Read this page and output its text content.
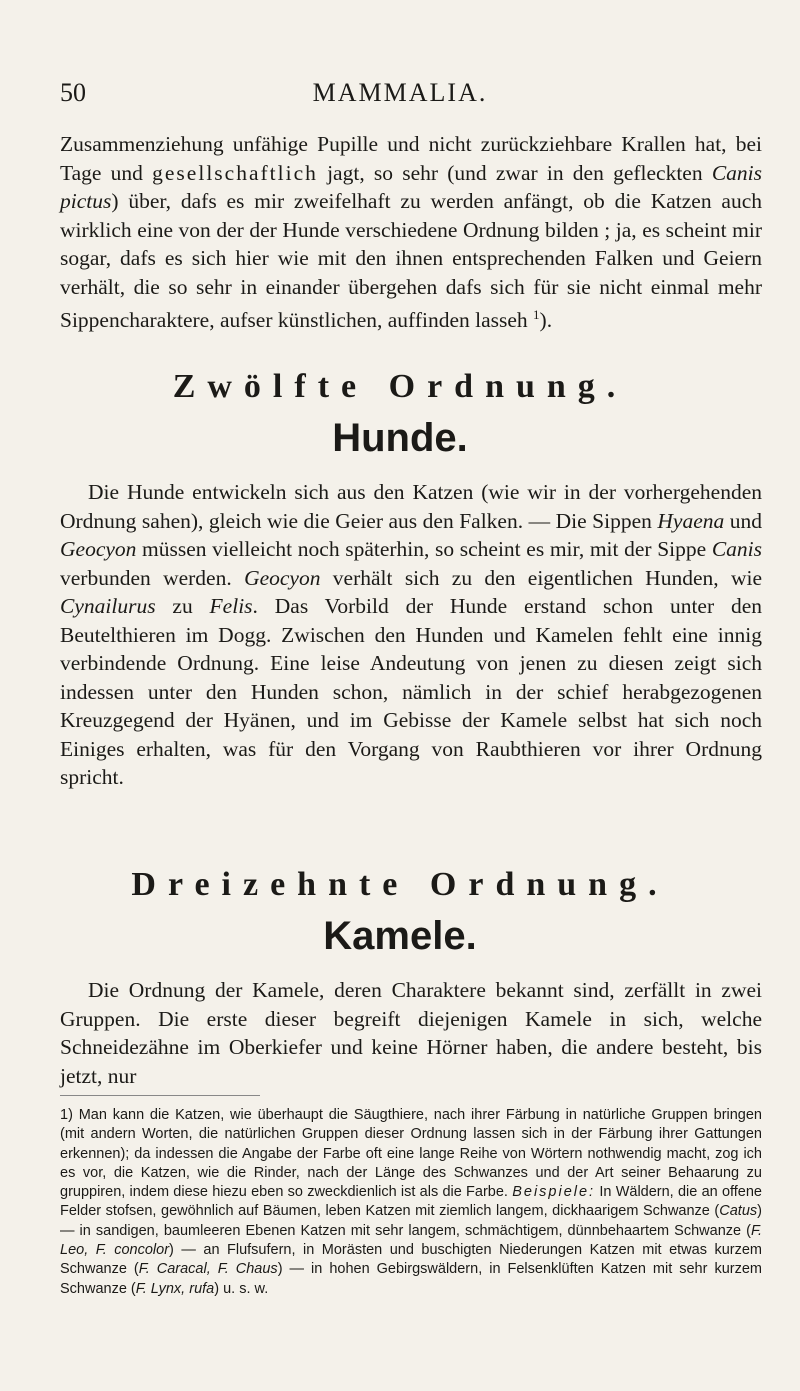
50	MAMMALIA.

Zusammenziehung unfähige Pupille und nicht zurückziehbare Krallen hat, bei Tage und gesellschaftlich jagt, so sehr (und zwar in den gefleckten Canis pictus) über, dafs es mir zweifelhaft zu werden anfängt, ob die Katzen auch wirklich eine von der der Hunde verschiedene Ordnung bilden ; ja, es scheint mir sogar, dafs es sich hier wie mit den ihnen entsprechenden Falken und Geiern verhält, die so sehr in einander übergehen dafs sich für sie nicht einmal mehr Sippencharaktere, aufser künstlichen, auffinden lasseh $^1$).

Zwölfte Ordnung.
Hunde.

Die Hunde entwickeln sich aus den Katzen (wie wir in der vorhergehenden Ordnung sahen), gleich wie die Geier aus den Falken. — Die Sippen Hyaena und Geocyon müssen vielleicht noch späterhin, so scheint es mir, mit der Sippe Canis verbunden werden. Geocyon verhält sich zu den eigentlichen Hunden, wie Cynailurus zu Felis. Das Vorbild der Hunde erstand schon unter den Beutelthieren im Dogg. Zwischen den Hunden und Kamelen fehlt eine innig verbindende Ordnung. Eine leise Andeutung von jenen zu diesen zeigt sich indessen unter den Hunden schon, nämlich in der schief herabgezogenen Kreuzgegend der Hyänen, und im Gebisse der Kamele selbst hat sich noch Einiges erhalten, was für den Vorgang von Raubthieren vor ihrer Ordnung spricht.

Dreizehnte Ordnung.
Kamele.

Die Ordnung der Kamele, deren Charaktere bekannt sind, zerfällt in zwei Gruppen. Die erste dieser begreift diejenigen Kamele in sich, welche Schneidezähne im Oberkiefer und keine Hörner haben, die andere besteht, bis jetzt, nur

1) Man kann die Katzen, wie überhaupt die Säugthiere, nach ihrer Färbung in natürliche Gruppen bringen (mit andern Worten, die natürlichen Gruppen dieser Ordnung lassen sich in der Färbung ihrer Gattungen erkennen); da indessen die Angabe der Farbe oft eine lange Reihe von Wörtern nothwendig macht, zog ich es vor, die Katzen, wie die Rinder, nach der Länge des Schwanzes und der Art seiner Behaarung zu gruppiren, indem diese hiezu eben so zweckdienlich ist als die Farbe. Beispiele: In Wäldern, die an offene Felder stofsen, gewöhnlich auf Bäumen, leben Katzen mit ziemlich langem, dickhaarigem Schwanze (Catus) — in sandigen, baumleeren Ebenen Katzen mit sehr langem, schmächtigem, dünnbehaartem Schwanze (F. Leo, F. concolor) — an Flufsufern, in Morästen und buschigten Niederungen Katzen mit etwas kurzem Schwanze (F. Caracal, F. Chaus) — in hohen Gebirgswäldern, in Felsenklüften Katzen mit sehr kurzem Schwanze (F. Lynx, rufa) u. s. w.
